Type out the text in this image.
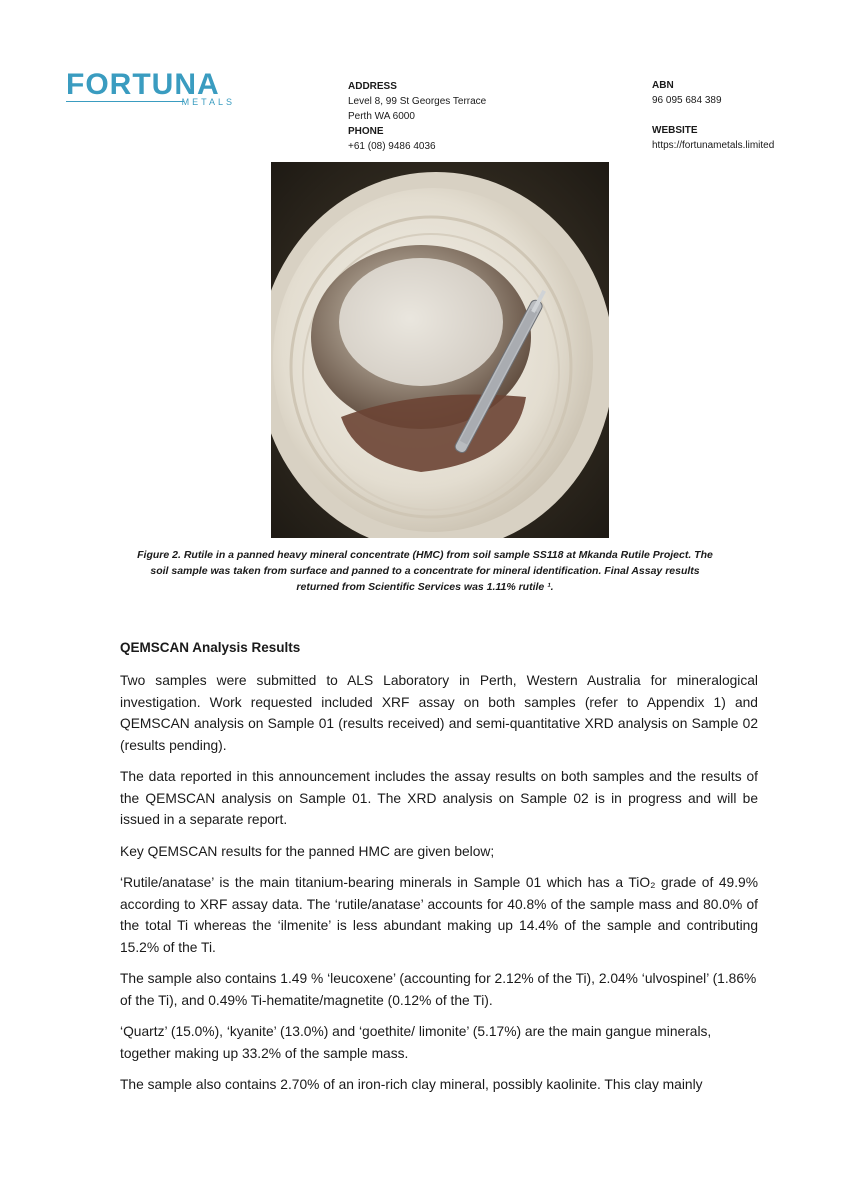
FORTUNA
METALS
ADDRESS
Level 8, 99 St Georges Terrace
Perth WA 6000
PHONE
+61 (08) 9486 4036
ABN
96 095 684 389
WEBSITE
https://fortunametals.limited
Figure 2. Rutile in a panned heavy mineral concentrate (HMC) from soil sample SS118 at Mkanda Rutile Project. The
soil sample was taken from surface and panned to a concentrate for mineral identification. Final Assay results
returned from Scientific Services was 1.11% rutile ¹.
QEMSCAN Analysis Results

Two samples were submitted to ALS Laboratory in Perth, Western Australia for mineralogical investigation. Work requested included XRF assay on both samples (refer to Appendix 1) and QEMSCAN analysis on Sample 01 (results received) and semi-quantitative XRD analysis on Sample 02 (results pending).

The data reported in this announcement includes the assay results on both samples and the results of the QEMSCAN analysis on Sample 01. The XRD analysis on Sample 02 is in progress and will be issued in a separate report.

Key QEMSCAN results for the panned HMC are given below;

‘Rutile/anatase’ is the main titanium-bearing minerals in Sample 01 which has a TiO₂ grade of 49.9% according to XRF assay data. The ‘rutile/anatase’ accounts for 40.8% of the sample mass and 80.0% of the total Ti whereas the ‘ilmenite’ is less abundant making up 14.4% of the sample and contributing 15.2% of the Ti.

The sample also contains 1.49 % ‘leucoxene’ (accounting for 2.12% of the Ti), 2.04% ‘ulvospinel’ (1.86% of the Ti), and 0.49% Ti-hematite/magnetite (0.12% of the Ti).

‘Quartz’ (15.0%), ‘kyanite’ (13.0%) and ‘goethite/ limonite’ (5.17%) are the main gangue minerals, together making up 33.2% of the sample mass.

The sample also contains 2.70% of an iron-rich clay mineral, possibly kaolinite. This clay mainly
